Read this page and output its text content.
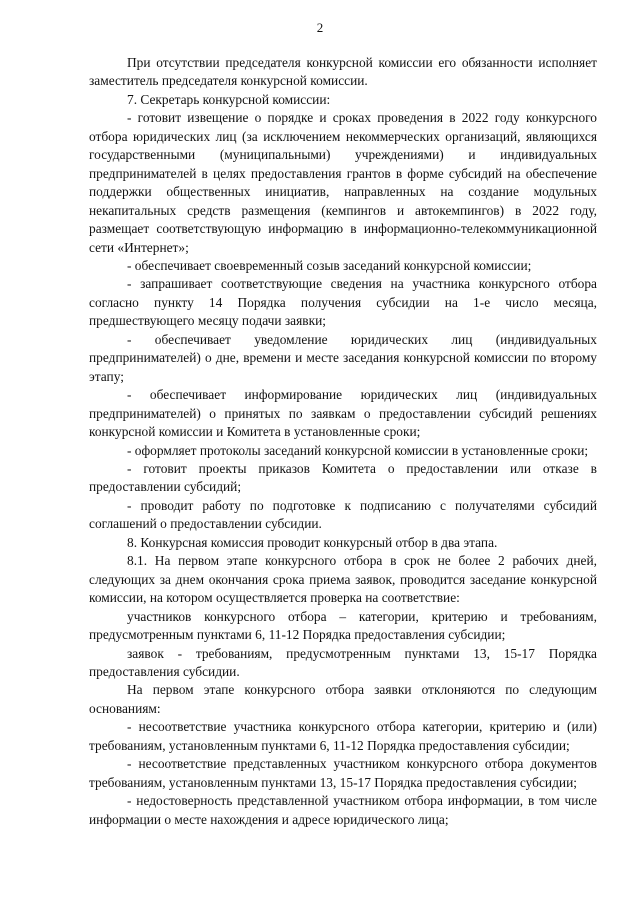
2

При отсутствии председателя конкурсной комиссии его обязанности исполняет заместитель председателя конкурсной комиссии.

7. Секретарь конкурсной комиссии:

- готовит извещение о порядке и сроках проведения в 2022 году конкурсного отбора юридических лиц (за исключением некоммерческих организаций, являющихся государственными (муниципальными) учреждениями) и индивидуальных предпринимателей в целях предоставления грантов в форме субсидий на обеспечение поддержки общественных инициатив, направленных на создание модульных некапитальных средств размещения (кемпингов и автокемпингов) в 2022 году, размещает соответствующую информацию в информационно-телекоммуникационной сети «Интернет»;

- обеспечивает своевременный созыв заседаний конкурсной комиссии;

- запрашивает соответствующие сведения на участника конкурсного отбора согласно пункту 14 Порядка получения субсидии на 1-е число месяца, предшествующего месяцу подачи заявки;

- обеспечивает уведомление юридических лиц (индивидуальных предпринимателей) о дне, времени и месте заседания конкурсной комиссии по второму этапу;

- обеспечивает информирование юридических лиц (индивидуальных предпринимателей) о принятых по заявкам о предоставлении субсидий решениях конкурсной комиссии и Комитета в установленные сроки;

- оформляет протоколы заседаний конкурсной комиссии в установленные сроки;

- готовит проекты приказов Комитета о предоставлении или отказе в предоставлении субсидий;

- проводит работу по подготовке к подписанию с получателями субсидий соглашений о предоставлении субсидии.

8. Конкурсная комиссия проводит конкурсный отбор в два этапа.

8.1. На первом этапе конкурсного отбора в срок не более 2 рабочих дней, следующих за днем окончания срока приема заявок, проводится заседание конкурсной комиссии, на котором осуществляется проверка на соответствие:

участников конкурсного отбора – категории, критерию и требованиям, предусмотренным пунктами 6, 11-12 Порядка предоставления субсидии;

заявок - требованиям, предусмотренным пунктами 13, 15-17 Порядка предоставления субсидии.

На первом этапе конкурсного отбора заявки отклоняются по следующим основаниям:

- несоответствие участника конкурсного отбора категории, критерию и (или) требованиям, установленным пунктами 6, 11-12 Порядка предоставления субсидии;

- несоответствие представленных участником конкурсного отбора документов требованиям, установленным пунктами 13, 15-17 Порядка предоставления субсидии;

- недостоверность представленной участником отбора информации, в том числе информации о месте нахождения и адресе юридического лица;
